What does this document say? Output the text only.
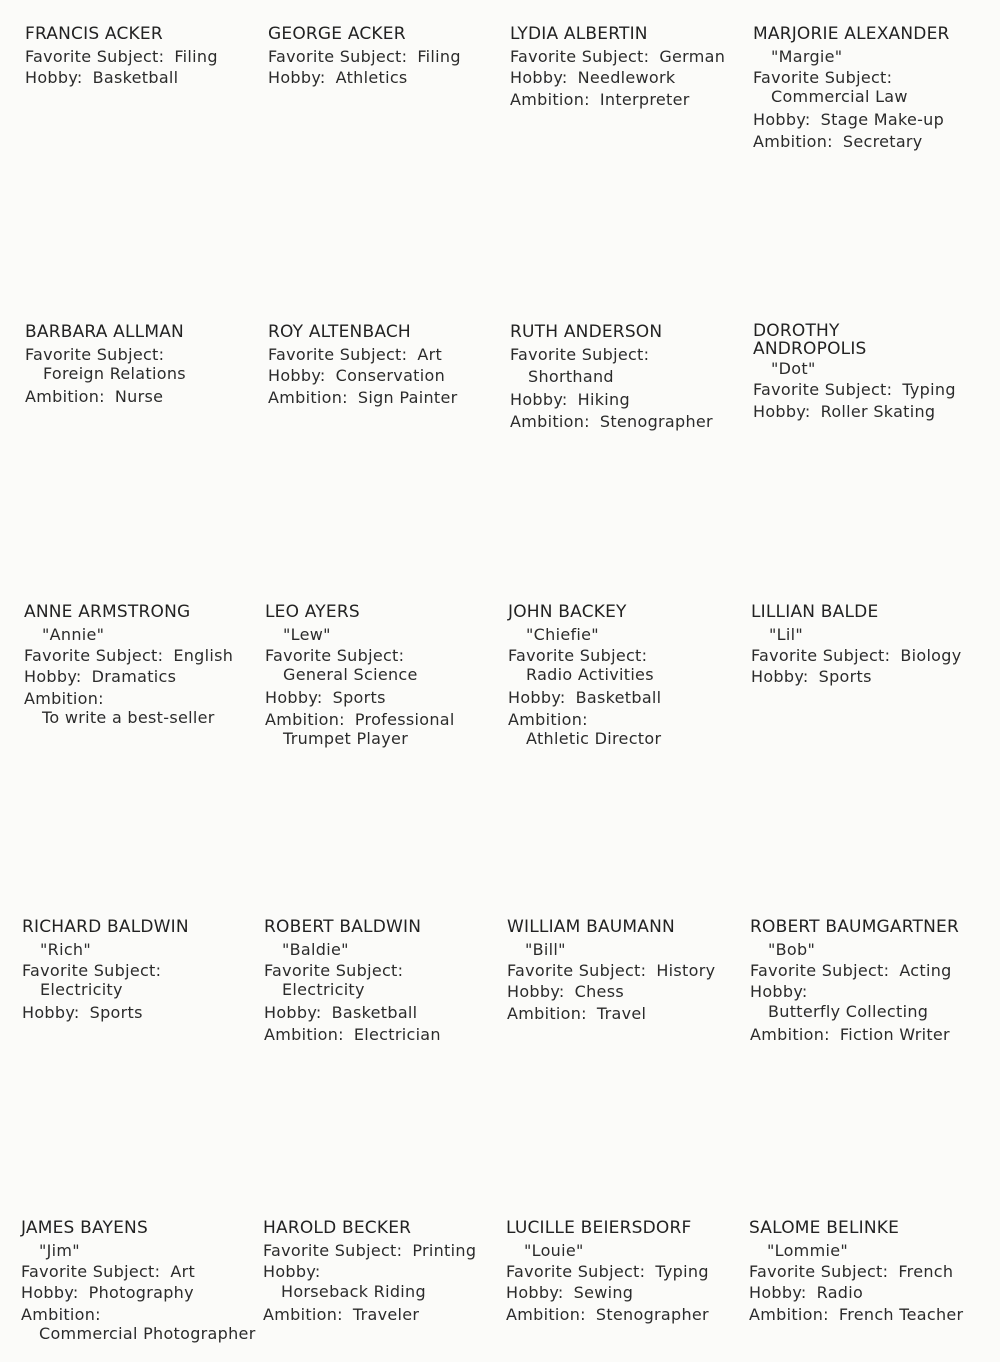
FRANCIS ACKER
Favorite Subject: Filing
Hobby: Basketball
GEORGE ACKER
Favorite Subject: Filing
Hobby: Athletics
LYDIA ALBERTIN
Favorite Subject: German
Hobby: Needlework
Ambition: Interpreter
MARJORIE ALEXANDER
"Margie"
Favorite Subject:
Commercial Law
Hobby: Stage Make-up
Ambition: Secretary
BARBARA ALLMAN
Favorite Subject:
Foreign Relations
Ambition: Nurse
ROY ALTENBACH
Favorite Subject: Art
Hobby: Conservation
Ambition: Sign Painter
RUTH ANDERSON
Favorite Subject:
Shorthand
Hobby: Hiking
Ambition: Stenographer
DOROTHY
ANDROPOLIS
"Dot"
Favorite Subject: Typing
Hobby: Roller Skating
ANNE ARMSTRONG
"Annie"
Favorite Subject: English
Hobby: Dramatics
Ambition:
To write a best-seller
LEO AYERS
"Lew"
Favorite Subject:
General Science
Hobby: Sports
Ambition: Professional
Trumpet Player
JOHN BACKEY
"Chiefie"
Favorite Subject:
Radio Activities
Hobby: Basketball
Ambition:
Athletic Director
LILLIAN BALDE
"Lil"
Favorite Subject: Biology
Hobby: Sports
RICHARD BALDWIN
"Rich"
Favorite Subject:
Electricity
Hobby: Sports
ROBERT BALDWIN
"Baldie"
Favorite Subject:
Electricity
Hobby: Basketball
Ambition: Electrician
WILLIAM BAUMANN
"Bill"
Favorite Subject: History
Hobby: Chess
Ambition: Travel
ROBERT BAUMGARTNER
"Bob"
Favorite Subject: Acting
Hobby:
Butterfly Collecting
Ambition: Fiction Writer
JAMES BAYENS
"Jim"
Favorite Subject: Art
Hobby: Photography
Ambition:
Commercial Photographer
HAROLD BECKER
Favorite Subject: Printing
Hobby:
Horseback Riding
Ambition: Traveler
LUCILLE BEIERSDORF
"Louie"
Favorite Subject: Typing
Hobby: Sewing
Ambition: Stenographer
SALOME BELINKE
"Lommie"
Favorite Subject: French
Hobby: Radio
Ambition: French Teacher
